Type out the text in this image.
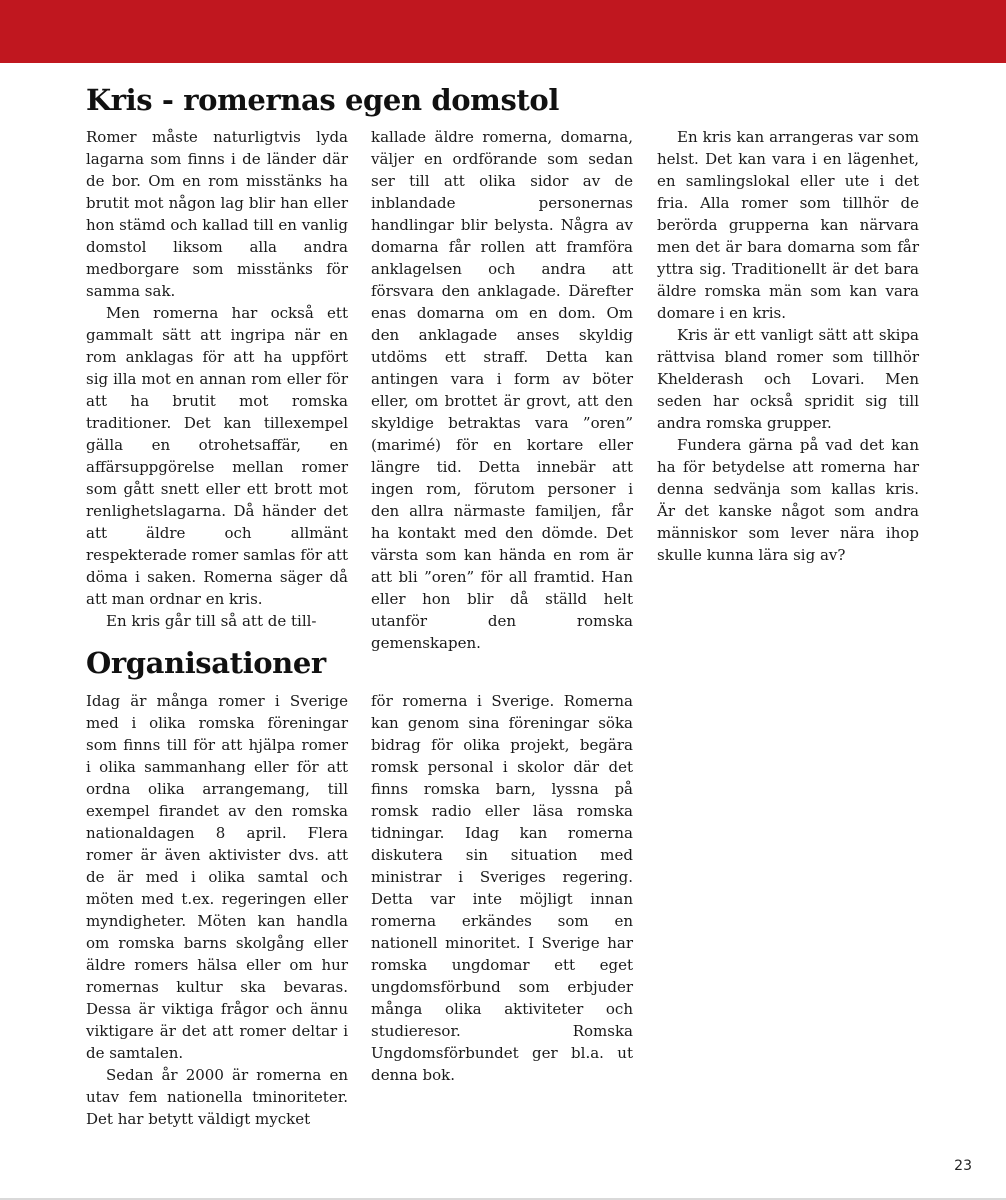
Kris - romernas egen domstol

Romer måste naturligtvis lyda lagarna som finns i de länder där de bor. Om en rom misstänks ha brutit mot någon lag blir han eller hon stämd och kallad till en vanlig domstol liksom alla andra medborgare som misstänks för samma sak.

Men romerna har också ett gammalt sätt att ingripa när en rom anklagas för att ha uppfört sig illa mot en annan rom eller för att ha brutit mot romska traditioner. Det kan tillexempel gälla en otrohetsaffär, en affärsuppgörelse mellan romer som gått snett eller ett brott mot renlighetslagarna. Då händer det att äldre och allmänt respekterade romer samlas för att döma i saken. Romerna säger då att man ordnar en kris.

En kris går till så att de till-

kallade äldre romerna, domarna, väljer en ordförande som sedan ser till att olika sidor av de inblandade personernas handlingar blir belysta. Några av domarna får rollen att framföra anklagelsen och andra att försvara den anklagade. Därefter enas domarna om en dom. Om den anklagade anses skyldig utdöms ett straff. Detta kan antingen vara i form av böter eller, om brottet är grovt, att den skyldige betraktas vara ”oren” (marimé) för en kortare eller längre tid. Detta innebär att ingen rom, förutom personer i den allra närmaste familjen, får ha kontakt med den dömde. Det värsta som kan hända en rom är att bli ”oren” för all framtid. Han eller hon blir då ställd helt utanför den romska gemenskapen.

En kris kan arrangeras var som helst. Det kan vara i en lägenhet, en samlingslokal eller ute i det fria. Alla romer som tillhör de berörda grupperna kan närvara men det är bara domarna som får yttra sig. Traditionellt är det bara äldre romska män som kan vara domare i en kris.

Kris är ett vanligt sätt att skipa rättvisa bland romer som tillhör Khelderash och Lovari. Men seden har också spridit sig till andra romska grupper.

Fundera gärna på vad det kan ha för betydelse att romerna har denna sedvänja som kallas kris. Är det kanske något som andra människor som lever nära ihop skulle kunna lära sig av?

Organisationer

Idag är många romer i Sverige med i olika romska föreningar som finns till för att hjälpa romer i olika sammanhang eller för att ordna olika arrangemang, till exempel firandet av den romska nationaldagen 8 april. Flera romer är även aktivister dvs. att de är med i olika samtal och möten med t.ex. regeringen eller myndigheter. Möten kan handla om romska barns skolgång eller äldre romers hälsa eller om hur romernas kultur ska bevaras. Dessa är viktiga frågor och ännu viktigare är det att romer deltar i de samtalen.

Sedan år 2000 är romerna en utav fem nationella tminoriteter. Det har betytt väldigt mycket

för romerna i Sverige. Romerna kan genom sina föreningar söka bidrag för olika projekt, begära romsk personal i skolor där det finns romska barn, lyssna på romsk radio eller läsa romska tidningar. Idag kan romerna diskutera sin situation med ministrar i Sveriges regering. Detta var inte möjligt innan romerna erkändes som en nationell minoritet. I Sverige har romska ungdomar ett eget ungdomsförbund som erbjuder många olika aktiviteter och studieresor. Romska Ungdomsförbundet ger bl.a. ut denna bok.

23
